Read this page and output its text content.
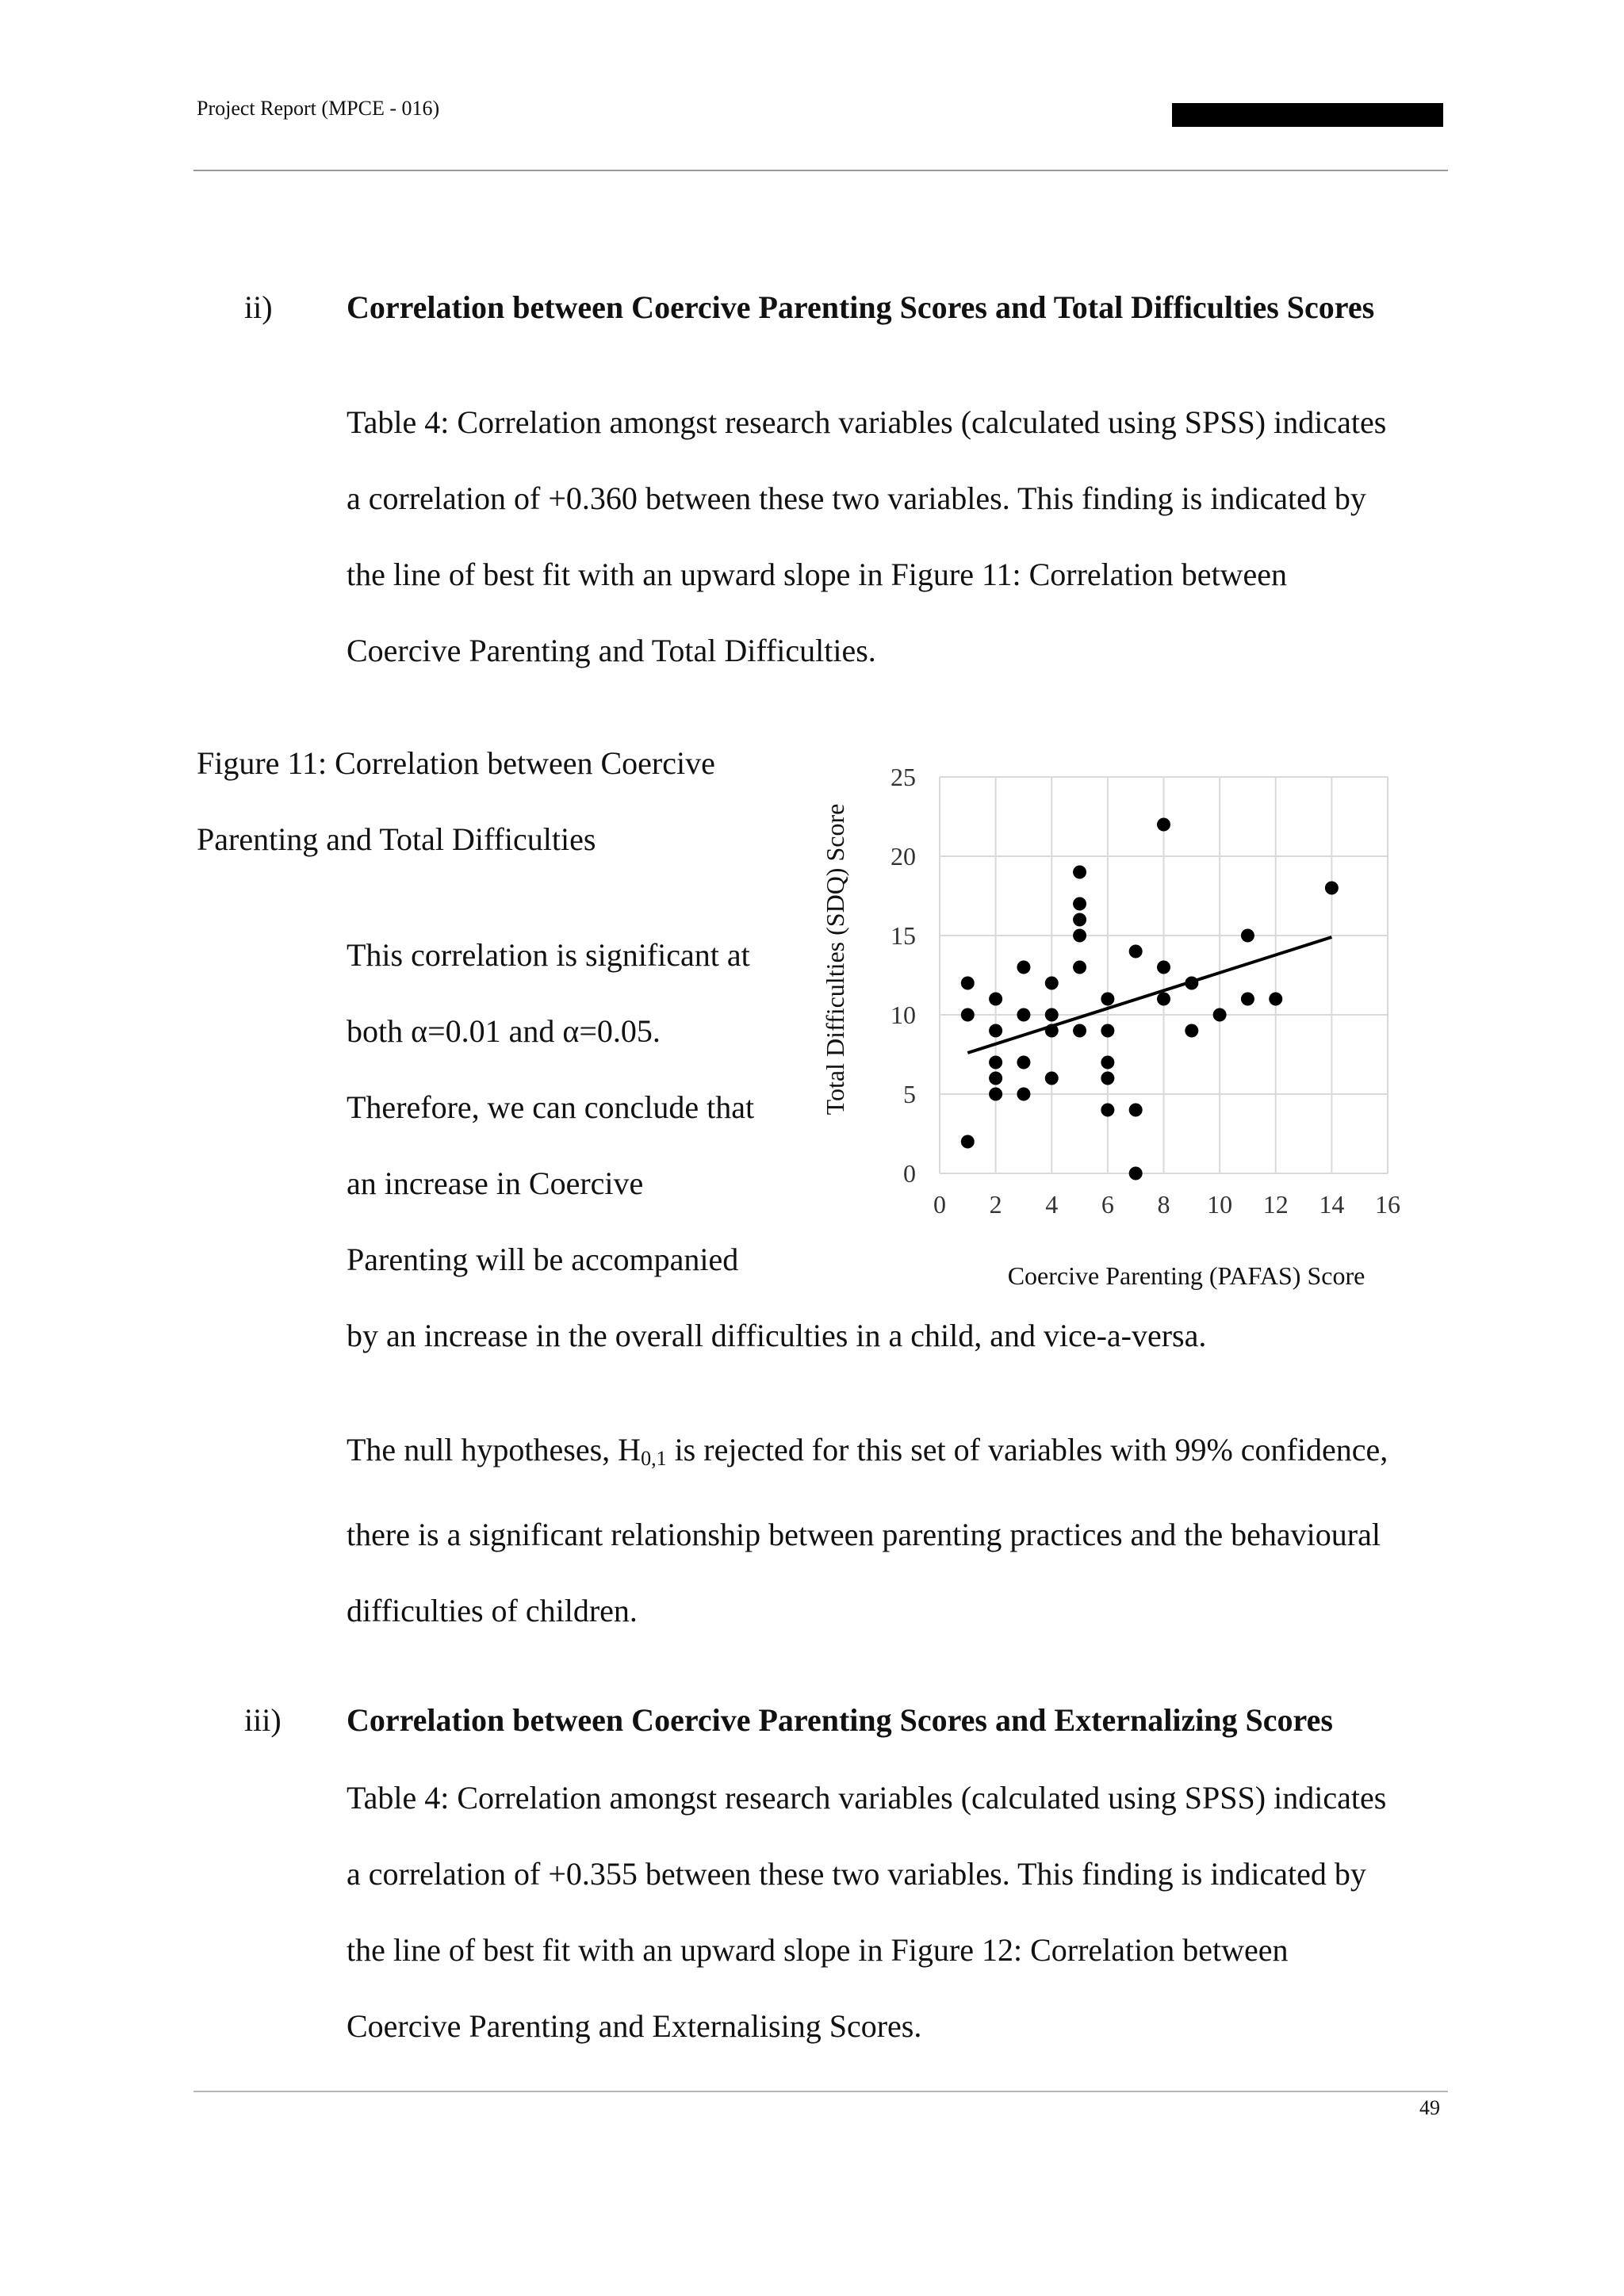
Project Report (MPCE - 016)
ii) Correlation between Coercive Parenting Scores and Total Difficulties Scores

Table 4: Correlation amongst research variables (calculated using SPSS) indicates

a correlation of +0.360 between these two variables. This finding is indicated by

the line of best fit with an upward slope in Figure 11: Correlation between

Coercive Parenting and Total Difficulties.

Figure 11: Correlation between Coercive

Parenting and Total Difficulties

This correlation is significant at

both α=0.01 and α=0.05.

Therefore, we can conclude that

an increase in Coercive

Parenting will be accompanied

by an increase in the overall difficulties in a child, and vice-a-versa.

0 2 4 6 8 10 12 14 16
0
5
10
15
20
25
Total Difficulties (SDQ) Score
Coercive Parenting (PAFAS) Score

The null hypotheses, $H_{0,1}$ is rejected for this set of variables with 99% confidence,

there is a significant relationship between parenting practices and the behavioural

difficulties of children.

iii) Correlation between Coercive Parenting Scores and Externalizing Scores

Table 4: Correlation amongst research variables (calculated using SPSS) indicates

a correlation of +0.355 between these two variables. This finding is indicated by

the line of best fit with an upward slope in Figure 12: Correlation between

Coercive Parenting and Externalising Scores.

49
